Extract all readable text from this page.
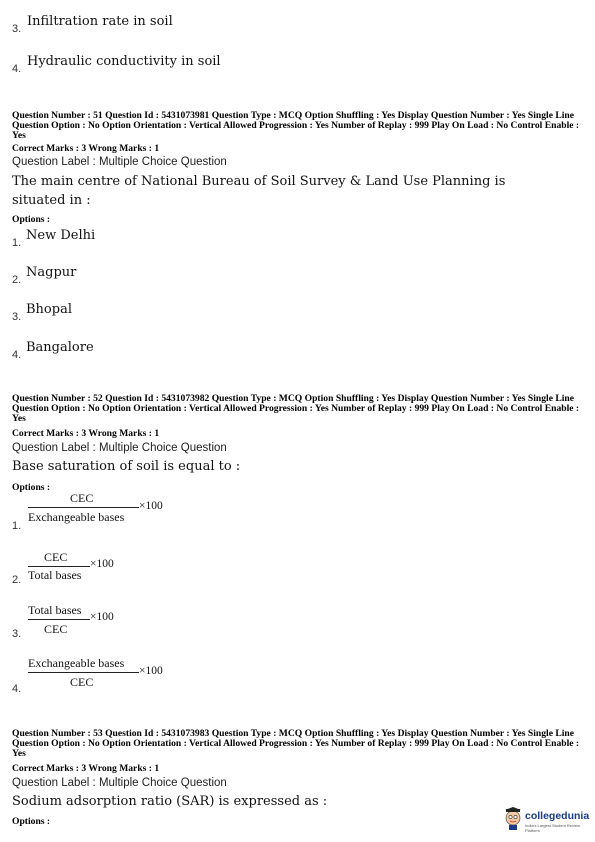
3. Infiltration rate in soil
4. Hydraulic conductivity in soil
Question Number : 51 Question Id : 5431073981 Question Type : MCQ Option Shuffling : Yes Display Question Number : Yes Single Line Question Option : No Option Orientation : Vertical Allowed Progression : Yes Number of Replay : 999 Play On Load : No Control Enable : Yes
Correct Marks : 3 Wrong Marks : 1
Question Label : Multiple Choice Question
The main centre of National Bureau of Soil Survey & Land Use Planning is situated in :
Options :
1. New Delhi
2. Nagpur
3. Bhopal
4. Bangalore
Question Number : 52 Question Id : 5431073982 Question Type : MCQ Option Shuffling : Yes Display Question Number : Yes Single Line Question Option : No Option Orientation : Vertical Allowed Progression : Yes Number of Replay : 999 Play On Load : No Control Enable : Yes
Correct Marks : 3 Wrong Marks : 1
Question Label : Multiple Choice Question
Base saturation of soil is equal to :
Options :
1.
CEC
Exchangeable bases
×100
2.
CEC
Total bases
×100
3.
Total bases
CEC
×100
4.
Exchangeable bases
CEC
×100
Question Number : 53 Question Id : 5431073983 Question Type : MCQ Option Shuffling : Yes Display Question Number : Yes Single Line Question Option : No Option Orientation : Vertical Allowed Progression : Yes Number of Replay : 999 Play On Load : No Control Enable : Yes
Correct Marks : 3 Wrong Marks : 1
Question Label : Multiple Choice Question
Sodium adsorption ratio (SAR) is expressed as :
Options :	collegedunia
India's Largest Student Review Platform
